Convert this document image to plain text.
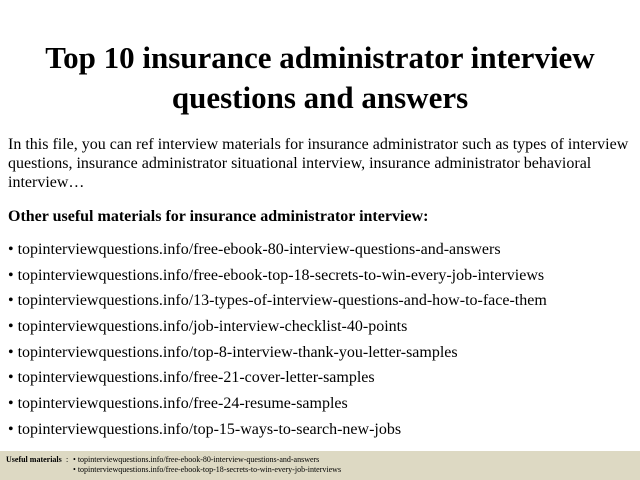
Top 10 insurance administrator interview questions and answers

In this file, you can ref interview materials for insurance administrator such as types of interview questions, insurance administrator situational interview, insurance administrator behavioral interview…

Other useful materials for insurance administrator interview:

• topinterviewquestions.info/free-ebook-80-interview-questions-and-answers
• topinterviewquestions.info/free-ebook-top-18-secrets-to-win-every-job-interviews
• topinterviewquestions.info/13-types-of-interview-questions-and-how-to-face-them
• topinterviewquestions.info/job-interview-checklist-40-points
• topinterviewquestions.info/top-8-interview-thank-you-letter-samples
• topinterviewquestions.info/free-21-cover-letter-samples
• topinterviewquestions.info/free-24-resume-samples
• topinterviewquestions.info/top-15-ways-to-search-new-jobs
Useful materials : • topinterviewquestions.info/free-ebook-80-interview-questions-and-answers
• topinterviewquestions.info/free-ebook-top-18-secrets-to-win-every-job-interviews
